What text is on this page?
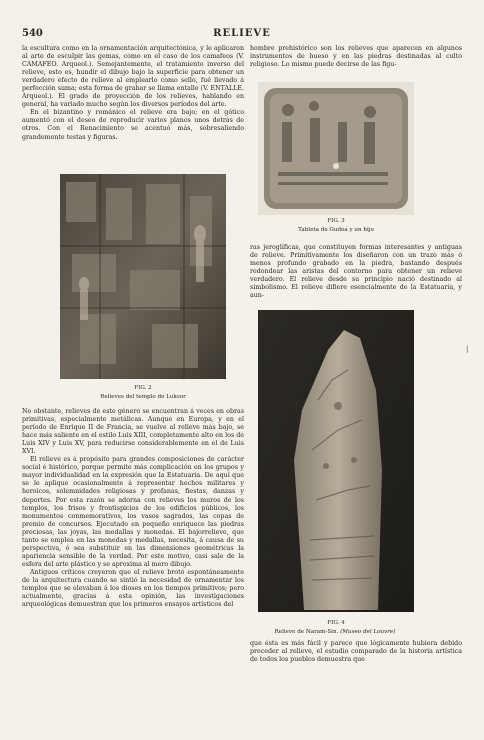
540	RELIEVE

la escultura como en la ornamentación arquitectónica, y le aplicaron al arte de esculpir las gemas, como en el caso de los camafeos (V. CAMAFEO. Arqueol.). Semejantemente, el tratamiento inverso del relieve, esto es, hundir el dibujo bajo la superficie para obtener un verdadero efecto de relieve al emplearlo como sello, fué llevado á perfección suma; esta forma de grabar se llama entalle (V. ENTALLE. Arqueol.). El grado de proyección de los relieves, hablando en general, ha variado mucho según los diversos períodos del arte.

En el bizantino y románico el relieve era bajo; en el gótico aumentó con el deseo de reproducir varios planos unos detrás de otros. Con el Renacimiento se acentuó más, sobresaliendo grandemente testas y figuras.

FIG. 2
Relieves del templo de Luksor

No obstante, relieves de este género se encuentran á veces en obras primitivas, especialmente metálicas. Aunque en Europa, y en el período de Enrique II de Francia, se vuelve al relieve más bajo, se hace más saliente en el estilo Luis XIII, completamente alto en los de Luis XIV y Luis XV, para reducirse considerablemente en el de Luis XVI.

El relieve es á propósito para grandes composiciones de carácter social é histórico, porque permite más complicación en los grupos y mayor individualidad en la expresión que la Estatuaria. De aquí que se le aplique ocasionalmente á representar hechos militares y heroicos, solemnidades religiosas y profanas, fiestas, danzas y deportes. Por esta razón se adorna con relieves los muros de los templos, los frisos y frontispicios de los edificios públicos, los monumentos conmemorativos, los vasos sagrados, las copas de premio de concursos. Ejecutado en pequeño enriquece las piedras preciosas, las joyas, las medallas y monedas. El bajorrelieve, que tanto se emplea en las monedas y medallas, necesita, á causa de su perspectiva, ó sea substituir en las dimensiones geométricas la apariencia sensible de la verdad. Por este motivo, casi sale de la esfera del arte plástico y se aproxima al mero dibujo.

Antiguos críticos creyeron que el relieve brotó espontáneamente de la arquitectura cuando se sintió la necesidad de ornamentar los templos que se elevaban á los dioses en los tiempos primitivos; pero actualmente, gracias á esta opinión, las investigaciones arqueológicas demuestran que los primeros ensayos artísticos del

hombre prehistórico son los relieves que aparecen en algunos instrumentos de hueso y en las piedras destinadas al culto religioso. Lo mismo puede decirse de las figu-

FIG. 3
Tableta de Gudea y un hijo

ras jeroglíficas, que constituyen formas interesantes y antiguas de relieve. Primitivamente los diseñaron con un trazo más ó menos profundo grabado en la piedra, bastando después redondear las aristas del contorno para obtener un relieve verdadero. El relieve desde su principio nació destinado al simbolismo. El relieve difiere esencialmente de la Estatuaria, y aun-

FIG. 4
Relieve de Naram-Sin. (Museo del Louvre)

que ésta es más fácil y parece que lógicamente hubiera debido preceder al relieve, el estudio comparado de la historia artística de todos los pueblos demuestra que

∣
